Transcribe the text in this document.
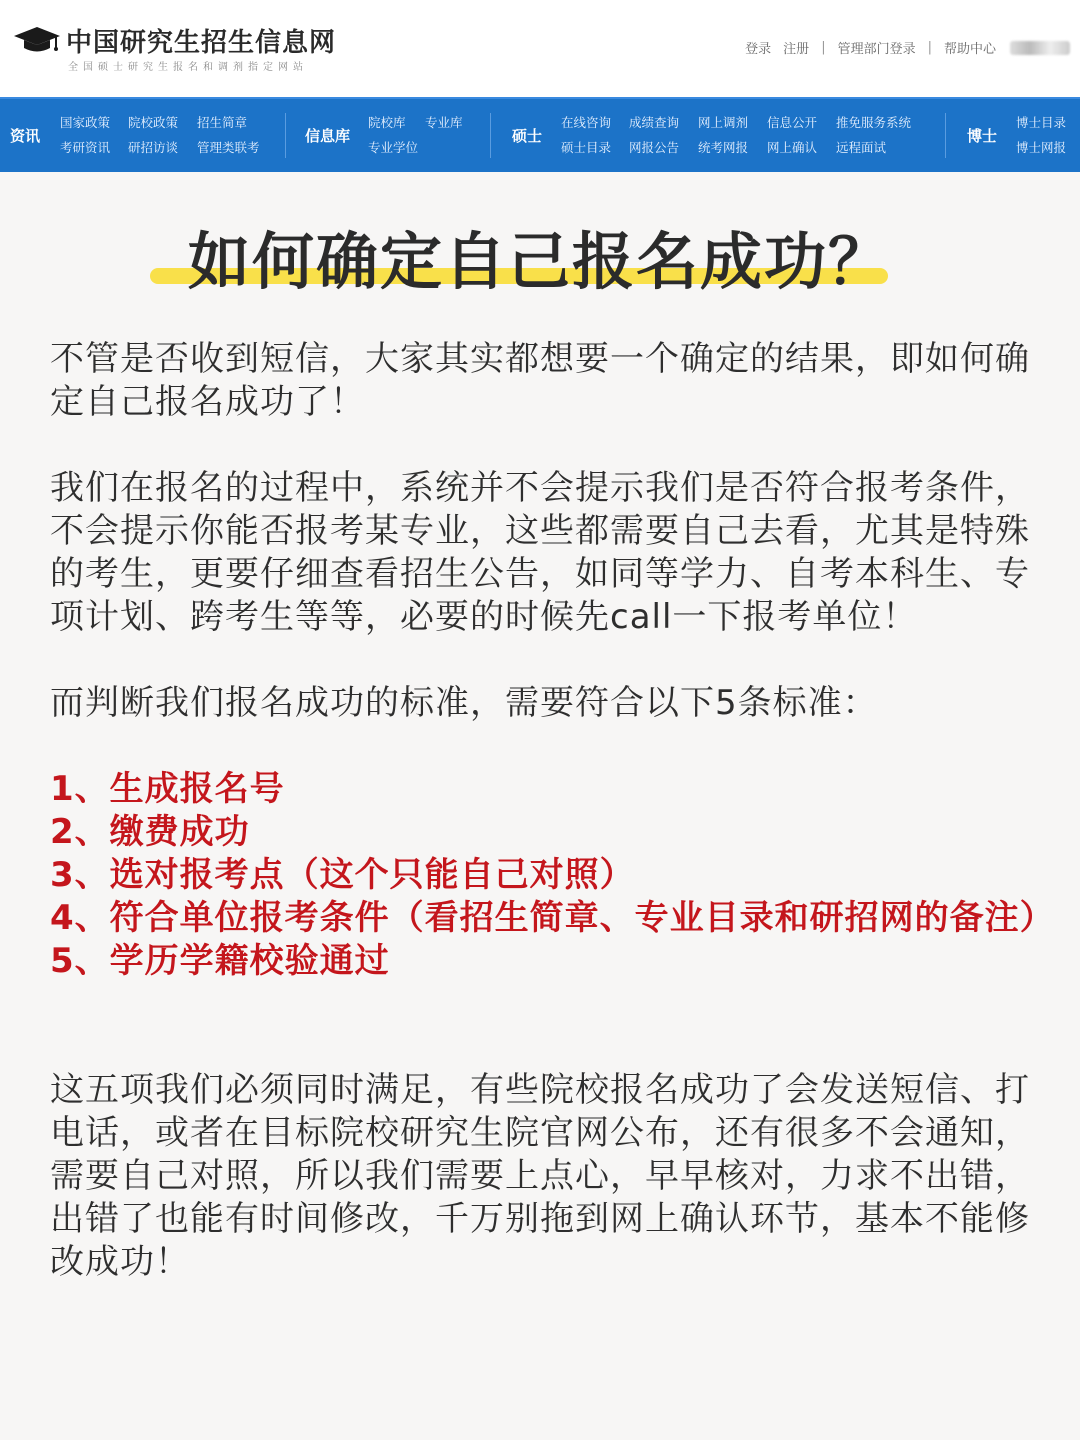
中国研究生招生信息网
全国硕士研究生报名和调剂指定网站
登录 注册 | 管理部门登录 | 帮助中心
资讯
国家政策 院校政策 招生简章
考研资讯 研招访谈 管理类联考
信息库
院校库 专业库
专业学位
硕士
在线咨询 成绩查询 网上调剂 信息公开 推免服务系统
硕士目录 网报公告 统考网报 网上确认 远程面试
博士
博士目录
博士网报
如何确定自己报名成功？

不管是否收到短信，大家其实都想要一个确定的结果，即如何确定自己报名成功了！

我们在报名的过程中，系统并不会提示我们是否符合报考条件，不会提示你能否报考某专业，这些都需要自己去看，尤其是特殊的考生，更要仔细查看招生公告，如同等学力、自考本科生、专项计划、跨考生等等，必要的时候先call一下报考单位！

而判断我们报名成功的标准，需要符合以下5条标准：

1、生成报名号
2、缴费成功
3、选对报考点（这个只能自己对照）
4、符合单位报考条件（看招生简章、专业目录和研招网的备注）
5、学历学籍校验通过

这五项我们必须同时满足，有些院校报名成功了会发送短信、打电话，或者在目标院校研究生院官网公布，还有很多不会通知，需要自己对照，所以我们需要上点心，早早核对，力求不出错，出错了也能有时间修改，千万别拖到网上确认环节，基本不能修改成功！
